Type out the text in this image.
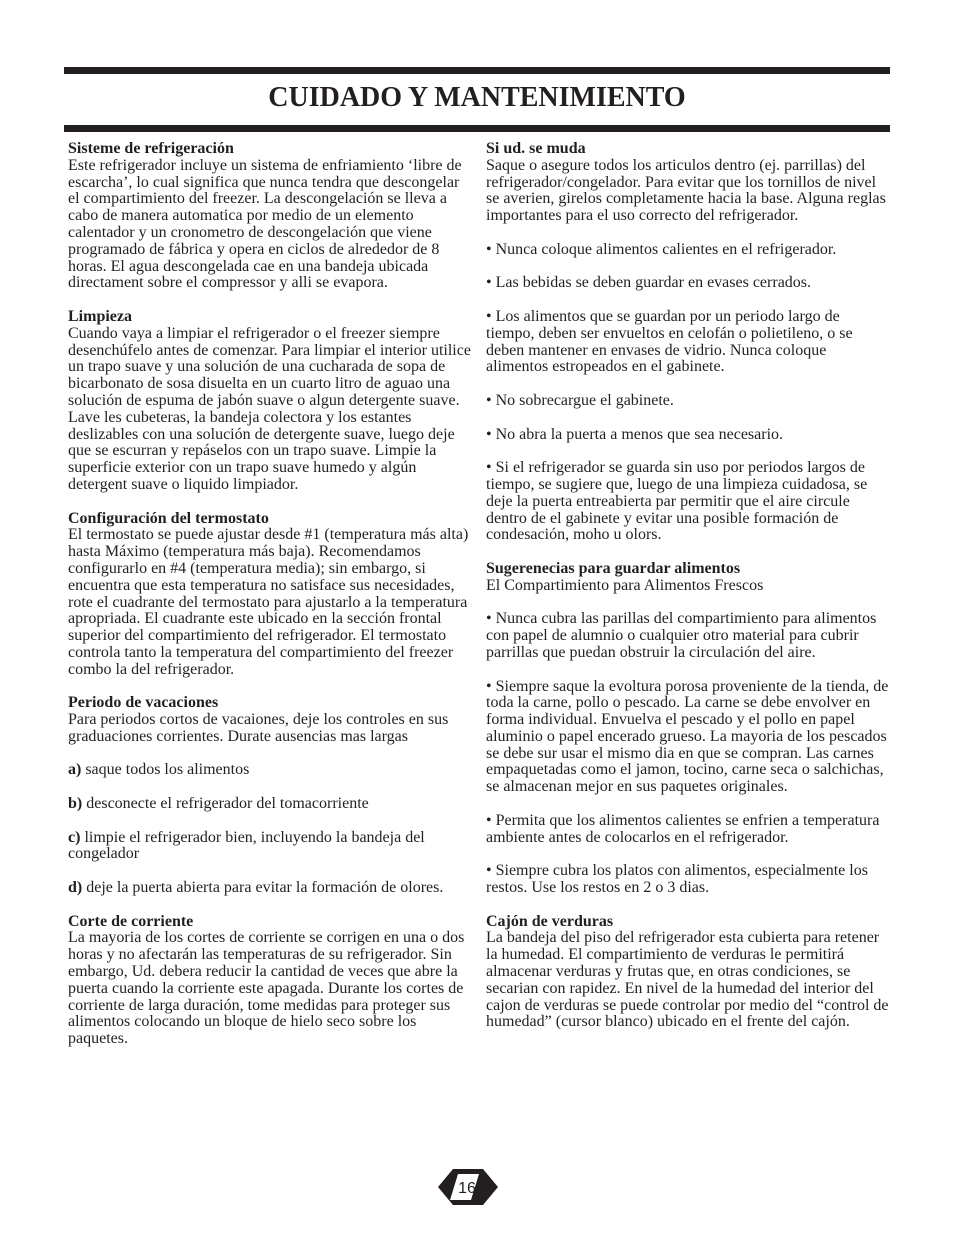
CUIDADO Y MANTENIMIENTO
Sisteme de refrigeración
Este refrigerador incluye un sistema de enfriamiento ‘libre de escarcha’, lo cual significa que nunca tendra que descongelar el compartimiento del freezer. La descongelación se lleva a cabo de manera automatica por medio de un elemento calentador y un cronometro de descongelación que viene programado de fábrica y opera en ciclos de alrededor de 8 horas. El agua descongelada cae en una bandeja ubicada directament sobre el compressor y alli se evapora.
Limpieza
Cuando vaya a limpiar el refrigerador o el freezer siempre desenchúfelo antes de comenzar. Para limpiar el interior utilice un trapo suave y una solución de una cucharada de sopa de bicarbonato de sosa disuelta en un cuarto litro de aguao una solución de espuma de jabón suave o algun detergente suave. Lave les cubeteras, la bandeja colectora y los estantes deslizables con una solución de detergente suave, luego deje que se escurran y repáselos con un trapo suave. Limpie la superficie exterior con un trapo suave humedo y algún detergent suave o liquido limpiador.
Configuración del termostato
El termostato se puede ajustar desde #1 (temperatura más alta) hasta Máximo (temperatura más baja). Recomendamos configurarlo en #4 (temperatura media); sin embargo, si encuentra que esta temperatura no satisface sus necesidades, rote el cuadrante del termostato para ajustarlo a la temperatura apropriada. El cuadrante este ubicado en la sección frontal superior del compartimiento del refrigerador. El termostato controla tanto la temperatura del compartimiento del freezer combo la del refrigerador.
Periodo de vacaciones
Para periodos cortos de vacaiones, deje los controles en sus graduaciones corrientes. Durate ausencias mas largas
a) saque todos los alimentos
b) desconecte el refrigerador del tomacorriente
c) limpie el refrigerador bien, incluyendo la bandeja del congelador
d) deje la puerta abierta para evitar la formación de olores.
Corte de corriente
La mayoria de los cortes de corriente se corrigen en una o dos horas y no afectarán las temperaturas de su refrigerador. Sin embargo, Ud. debera reducir la cantidad de veces que abre la puerta cuando la corriente este apagada. Durante los cortes de corriente de larga duración, tome medidas para proteger sus alimentos colocando un bloque de hielo seco sobre los paquetes.
Si ud. se muda
Saque o asegure todos los articulos dentro (ej. parrillas) del refrigerador/congelador. Para evitar que los tornillos de nivel se averien, girelos completamente hacia la base. Alguna reglas importantes para el uso correcto del refrigerador.
• Nunca coloque alimentos calientes en el refrigerador.
• Las bebidas se deben guardar en evases cerrados.
• Los alimentos que se guardan por un periodo largo de tiempo, deben ser envueltos en celofán o polietileno, o se deben mantener en envases de vidrio. Nunca coloque alimentos estropeados en el gabinete.
• No sobrecargue el gabinete.
• No abra la puerta a menos que sea necesario.
• Si el refrigerador se guarda sin uso por periodos largos de tiempo, se sugiere que, luego de una limpieza cuidadosa, se deje la puerta entreabierta par permitir que el aire circule dentro de el gabinete y evitar una posible formación de condesación, moho u olors.
Sugerenecias para guardar alimentos
El Compartimiento para Alimentos Frescos
• Nunca cubra las parillas del compartimiento para alimentos con papel de alumnio o cualquier otro material para cubrir parrillas que puedan obstruir la circulación del aire.
• Siempre saque la evoltura porosa proveniente de la tienda, de toda la carne, pollo o pescado. La carne se debe envolver en forma individual. Envuelva el pescado y el pollo en papel aluminio o papel encerado grueso. La mayoria de los pescados se debe sur usar el mismo dia en que se compran. Las carnes empaquetadas como el jamon, tocino, carne seca o salchichas, se almacenan mejor en sus paquetes originales.
• Permita que los alimentos calientes se enfrien a temperatura ambiente antes de colocarlos en el refrigerador.
• Siempre cubra los platos con alimentos, especialmente los restos. Use los restos en 2 o 3 dias.
Cajón de verduras
La bandeja del piso del refrigerador esta cubierta para retener la humedad. El compartimiento de verduras le permitirá almacenar verduras y frutas que, en otras condiciones, se secarian con rapidez. En nivel de la humedad del interior del cajon de verduras se puede controlar por medio del “control de humedad” (cursor blanco) ubicado en el frente del cajón.
16
